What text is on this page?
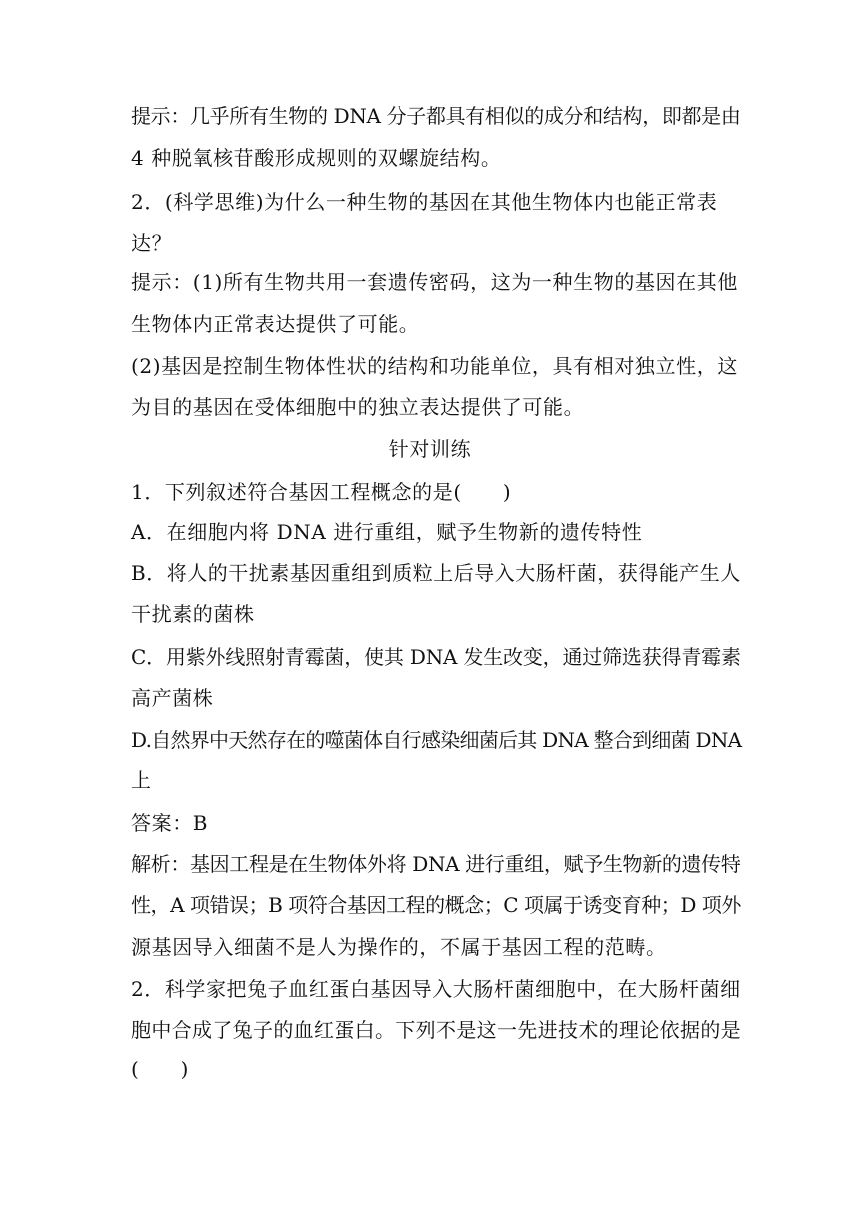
提示：几乎所有生物的 DNA 分子都具有相似的成分和结构，即都是由
4 种脱氧核苷酸形成规则的双螺旋结构。
2．(科学思维)为什么一种生物的基因在其他生物体内也能正常表
达？
提示：(1)所有生物共用一套遗传密码，这为一种生物的基因在其他
生物体内正常表达提供了可能。
(2)基因是控制生物体性状的结构和功能单位，具有相对独立性，这
为目的基因在受体细胞中的独立表达提供了可能。
针对训练
1．下列叙述符合基因工程概念的是(　　)
A．在细胞内将 DNA 进行重组，赋予生物新的遗传特性
B．将人的干扰素基因重组到质粒上后导入大肠杆菌，获得能产生人
干扰素的菌株
C．用紫外线照射青霉菌，使其 DNA 发生改变，通过筛选获得青霉素
高产菌株
D.自然界中天然存在的噬菌体自行感染细菌后其 DNA 整合到细菌 DNA
上
答案：B
解析：基因工程是在生物体外将 DNA 进行重组，赋予生物新的遗传特
性，A 项错误；B 项符合基因工程的概念；C 项属于诱变育种；D 项外
源基因导入细菌不是人为操作的，不属于基因工程的范畴。
2．科学家把兔子血红蛋白基因导入大肠杆菌细胞中，在大肠杆菌细
胞中合成了兔子的血红蛋白。下列不是这一先进技术的理论依据的是
(　　)
